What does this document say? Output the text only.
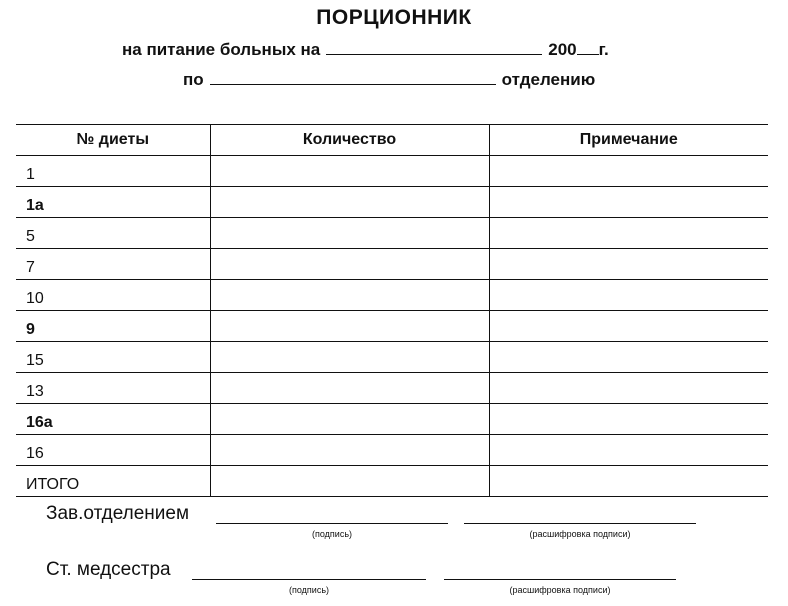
ПОРЦИОННИК
на питание больных на	200 г.
по	отделению
№ диеты	Количество	Примечание
1		
1а		
5		
7		
10		
9		
15		
13		
16а		
16		
ИТОГО		
Зав.отделением
(подпись)	(расшифровка подписи)
Ст. медсестра
(подпись)	(расшифровка подписи)
